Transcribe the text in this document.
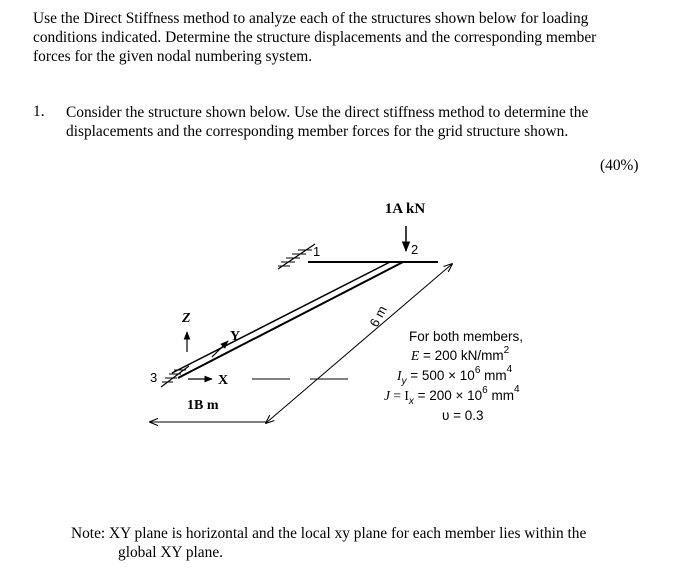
Use the Direct Stiffness method to analyze each of the structures shown below for loading
conditions indicated. Determine the structure displacements and the corresponding member
forces for the given nodal numbering system.
1. Consider the structure shown below. Use the direct stiffness method to determine the
displacements and the corresponding member forces for the grid structure shown.
(40%)
1A kN
1	2
6 m
1B m
3
Z
Y
X
For both members,
E = 200 $kN/mm^2$
$I_y = 500 \times 10^6$ $mm^4$
$J = I_x = 200 \times 10^6$ $mm^4$
υ = 0.3
Note: XY plane is horizontal and the local xy plane for each member lies within the
global XY plane.
